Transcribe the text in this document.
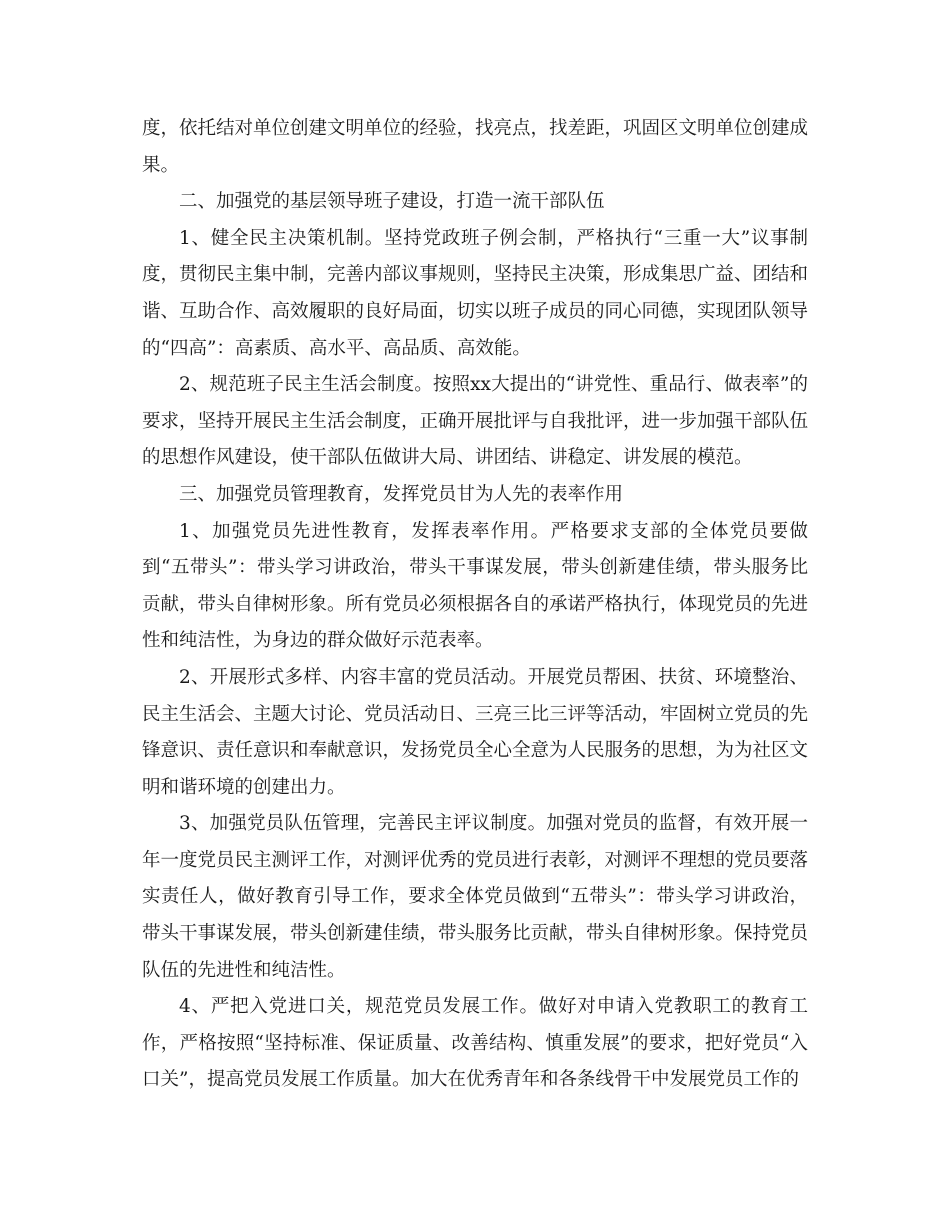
度，依托结对单位创建文明单位的经验，找亮点，找差距，巩固区文明单位创建成果。

二、加强党的基层领导班子建设，打造一流干部队伍

1、健全民主决策机制。坚持党政班子例会制，严格执行“三重一大”议事制度，贯彻民主集中制，完善内部议事规则，坚持民主决策，形成集思广益、团结和谐、互助合作、高效履职的良好局面，切实以班子成员的同心同德，实现团队领导的“四高”：高素质、高水平、高品质、高效能。

2、规范班子民主生活会制度。按照xx大提出的“讲党性、重品行、做表率”的要求，坚持开展民主生活会制度，正确开展批评与自我批评，进一步加强干部队伍的思想作风建设，使干部队伍做讲大局、讲团结、讲稳定、讲发展的模范。

三、加强党员管理教育，发挥党员甘为人先的表率作用

1、加强党员先进性教育，发挥表率作用。严格要求支部的全体党员要做到“五带头”：带头学习讲政治，带头干事谋发展，带头创新建佳绩，带头服务比贡献，带头自律树形象。所有党员必须根据各自的承诺严格执行，体现党员的先进性和纯洁性，为身边的群众做好示范表率。

2、开展形式多样、内容丰富的党员活动。开展党员帮困、扶贫、环境整治、民主生活会、主题大讨论、党员活动日、三亮三比三评等活动，牢固树立党员的先锋意识、责任意识和奉献意识，发扬党员全心全意为人民服务的思想，为为社区文明和谐环境的创建出力。

3、加强党员队伍管理，完善民主评议制度。加强对党员的监督，有效开展一年一度党员民主测评工作，对测评优秀的党员进行表彰，对测评不理想的党员要落实责任人，做好教育引导工作，要求全体党员做到“五带头”：带头学习讲政治，带头干事谋发展，带头创新建佳绩，带头服务比贡献，带头自律树形象。保持党员队伍的先进性和纯洁性。

4、严把入党进口关，规范党员发展工作。做好对申请入党教职工的教育工作，严格按照“坚持标准、保证质量、改善结构、慎重发展”的要求，把好党员“入口关”，提高党员发展工作质量。加大在优秀青年和各条线骨干中发展党员工作的
